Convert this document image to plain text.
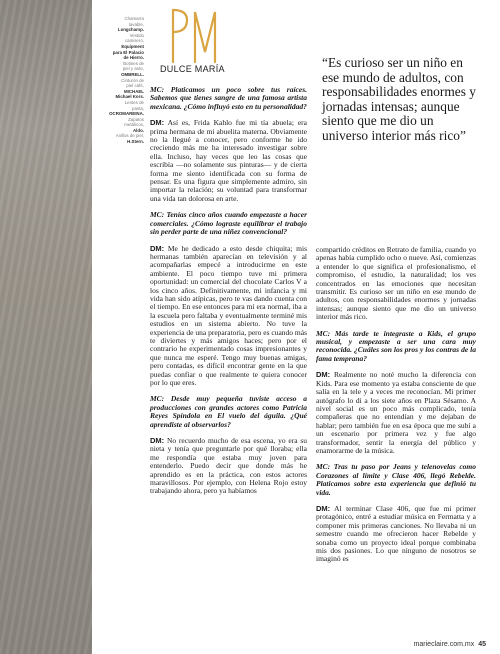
Chamarra
lavable,
Longchamp.
Vestido
camisero,
Equipment
para El Palacio
de Hierro.
Botines de
piel y ante,
OMBRELL.
Cinturón de
piel café,
MICHAEL
Michael Kors.
Lentes de
pasta,
OCROMAREINA.
Zapatos
metálicos,
Aldo.
Anillos de piel,
H.Stern.
DULCE MARÍA

MC: Platicamos un poco sobre tus raíces. Sabemos que tienes sangre de una famosa artista mexicana. ¿Cómo influyó esto en tu personalidad?

DM: Así es, Frida Kahlo fue mi tía abuela; era prima hermana de mi abuelita materna. Obviamente no la llegué a conocer, pero conforme he ido creciendo más me ha interesado investigar sobre ella. Incluso, hay veces que leo las cosas que escribía —no solamente sus pinturas— y de cierta forma me siento identificada con su forma de pensar. Es una figura que simplemente admiro, sin importar la relación; su voluntad para transformar una vida tan dolorosa en arte.

MC: Tenías cinco años cuando empezaste a hacer comerciales. ¿Cómo lograste equilibrar el trabajo sin perder parte de una niñez convencional?

DM: Me he dedicado a esto desde chiquita; mis hermanas también aparecían en televisión y al acompañarlas empecé a introducirme en este ambiente. El poco tiempo tuve mi primera oportunidad: un comercial del chocolate Carlos V a los cinco años. Definitivamente, mi infancia y mi vida han sido atípicas, pero te vas dando cuenta con el tiempo. En ese entonces para mí era normal, iba a la escuela pero faltaba y eventualmente terminé mis estudios en un sistema abierto. No tuve la experiencia de una preparatoria, pero es cuando más te diviertes y más amigos haces; pero por el contrario he experimentado cosas impresionantes y que nunca me esperé. Tengo muy buenas amigas, pero contadas, es difícil encontrar gente en la que puedas confiar o que realmente te quiera conocer por lo que eres.

MC: Desde muy pequeña tuviste acceso a producciones con grandes actores como Patricia Reyes Spíndola en El vuelo del águila. ¿Qué aprendiste al observarlos?

DM: No recuerdo mucho de esa escena, yo era su nieta y tenía que preguntarle por qué lloraba; ella me respondía que estaba muy joven para entenderlo. Puedo decir que donde más he aprendido es en la práctica, con estos actores maravillosos. Por ejemplo, con Helena Rojo estoy trabajando ahora, pero ya habíamos

“Es curioso ser un niño en ese mundo de adultos, con responsabilidades enormes y jornadas intensas; aunque siento que me dio un universo interior más rico”

compartido créditos en Retrato de familia, cuando yo apenas había cumplido ocho o nueve. Así, comienzas a entender lo que significa el profesionalismo, el compromiso, el estudio, la naturalidad; los ves concentrados en las emociones que necesitan transmitir. Es curioso ser un niño en ese mundo de adultos, con responsabilidades enormes y jornadas intensas; aunque siento que me dio un universo interior más rico.

MC: Más tarde te integraste a Kids, el grupo musical, y empezaste a ser una cara muy reconocida. ¿Cuáles son los pros y los contras de la fama temprana?

DM: Realmente no noté mucho la diferencia con Kids. Para ese momento ya estaba consciente de que salía en la tele y a veces me reconocían. Mi primer autógrafo lo di a los siete años en Plaza Sésamo. A nivel social es un poco más complicado, tenía compañeras que no entendían y me dejaban de hablar; pero también fue en esa época que me subí a un escenario por primera vez y fue algo transformador, sentir la energía del público y enamorarme de la música.

MC: Tras tu paso por Jeans y telenovelas como Corazones al límite y Clase 406, llegó Rebelde. Platicamos sobre esta experiencia que definió tu vida.

DM: Al terminar Clase 406, que fue mi primer protagónico, entré a estudiar música en Fermatta y a componer mis primeras canciones. No llevaba ni un semestre cuando me ofrecieron hacer Rebelde y sonaba como un proyecto ideal porque combinaba mis dos pasiones. Lo que ninguno de nosotros se imaginó es

marieclaire.com.mx 45
